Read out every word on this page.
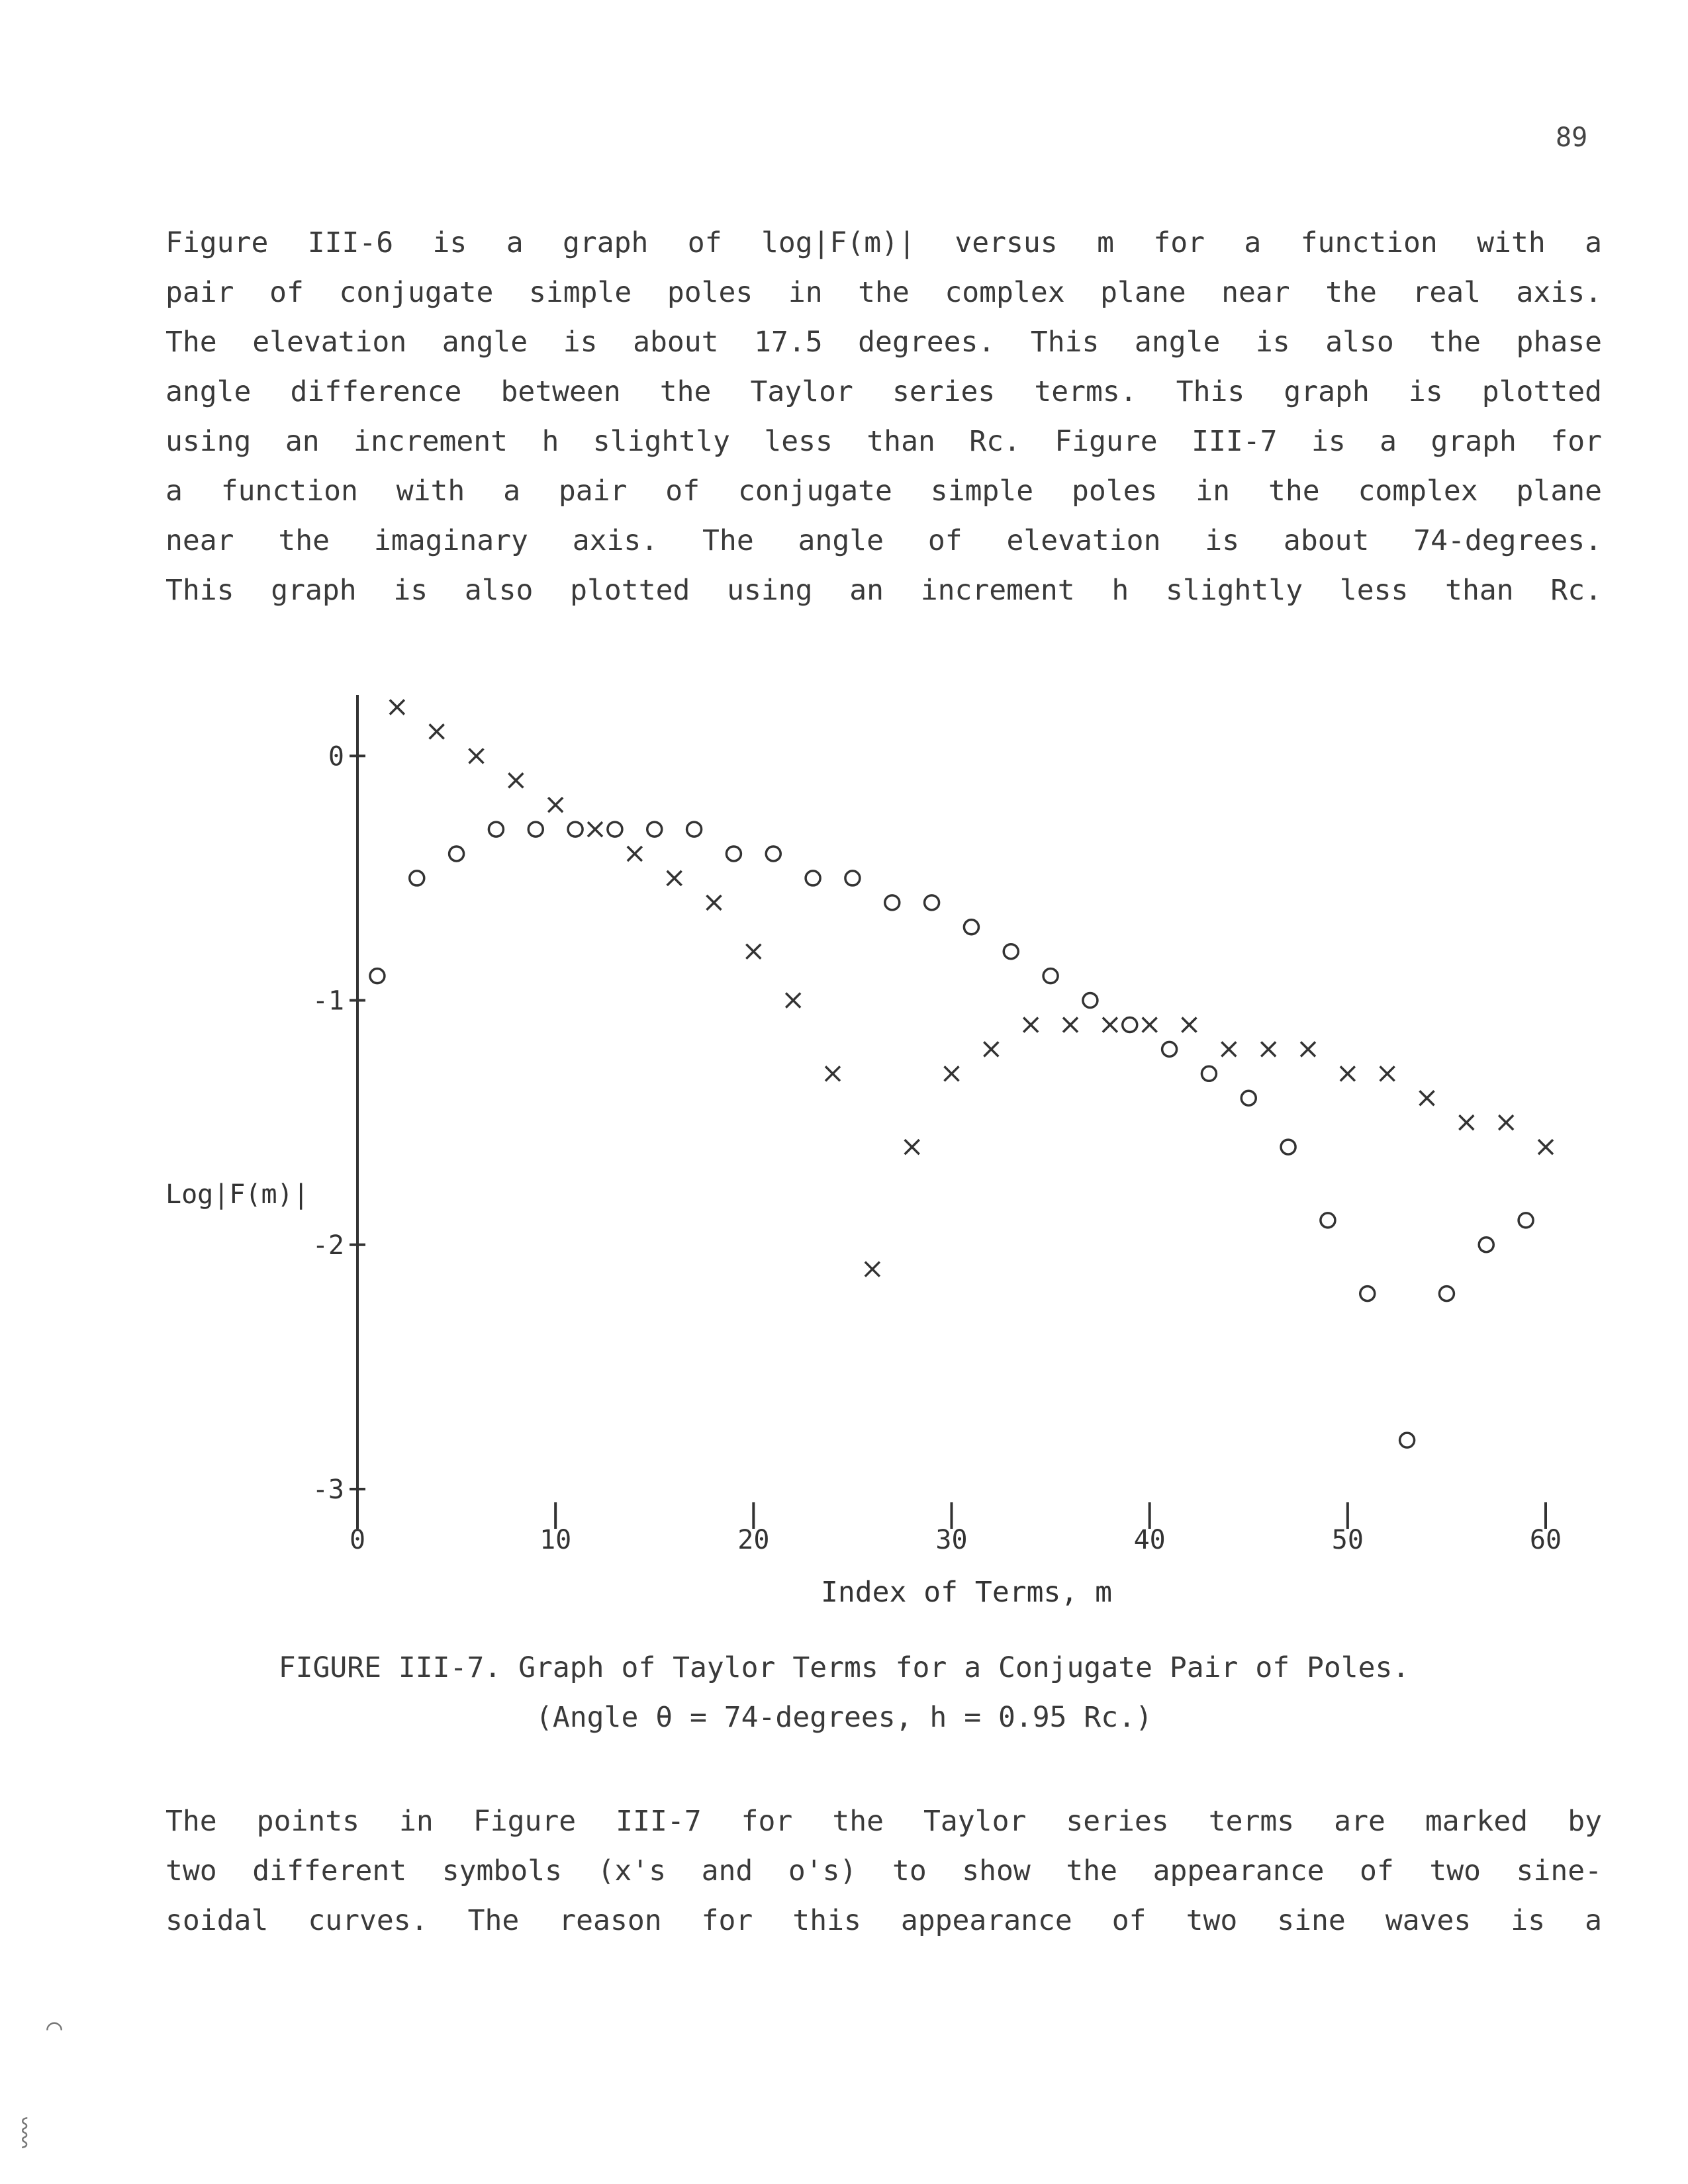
89
Figure III-6 is a graph of log|F(m)| versus m for a function with a
pair of conjugate simple poles in the complex plane near the real axis.
The elevation angle is about 17.5 degrees. This angle is also the phase
angle difference between the Taylor series terms. This graph is plotted
using an increment h slightly less than Rc. Figure III-7 is a graph for
a function with a pair of conjugate simple poles in the complex plane
near the imaginary axis. The angle of elevation is about 74-degrees.
This graph is also plotted using an increment h slightly less than Rc.
0
-1
-2
-3
0	10	20	30	40	50	60
Log|F(m)|
Index of Terms, m
FIGURE III-7. Graph of Taylor Terms for a Conjugate Pair of Poles.
(Angle θ = 74-degrees, h = 0.95 Rc.)
The points in Figure III-7 for the Taylor series terms are marked by
two different symbols (x's and o's) to show the appearance of two sine-
soidal curves. The reason for this appearance of two sine waves is a
⌒
⸾
